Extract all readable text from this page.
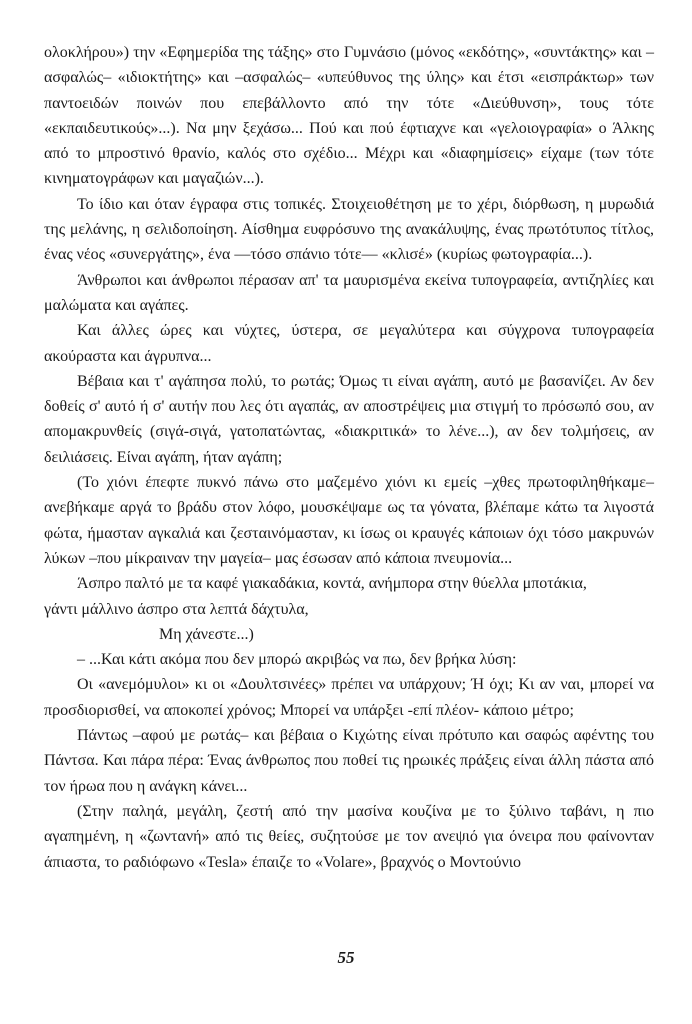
ολοκλήρου») την «Εφημερίδα της τάξης» στο Γυμνάσιο (μόνος «εκδότης», «συντάκτης» και –ασφαλώς– «ιδιοκτήτης» και –ασφαλώς– «υπεύθυνος της ύλης» και έτσι «εισπράκτωρ» των παντοειδών ποινών που επεβάλλοντο από την τότε «Διεύθυνση», τους τότε «εκπαιδευτικούς»...). Να μην ξεχάσω... Πού και πού έφτιαχνε και «γελοιογραφία» ο Άλκης από το μπροστινό θρανίο, καλός στο σχέδιο... Μέχρι και «διαφημίσεις» είχαμε (των τότε κινηματογράφων και μαγαζιών...).

Το ίδιο και όταν έγραφα στις τοπικές. Στοιχειοθέτηση με το χέρι, διόρθωση, η μυρωδιά της μελάνης, η σελιδοποίηση. Αίσθημα ευφρόσυνο της ανακάλυψης, ένας πρωτότυπος τίτλος, ένας νέος «συνεργάτης», ένα —τόσο σπάνιο τότε— «κλισέ» (κυρίως φωτογραφία...).

Άνθρωποι και άνθρωποι πέρασαν απ' τα μαυρισμένα εκείνα τυπογραφεία, αντιζηλίες και μαλώματα και αγάπες.

Και άλλες ώρες και νύχτες, ύστερα, σε μεγαλύτερα και σύγχρονα τυπογραφεία ακούραστα και άγρυπνα...

Βέβαια και τ' αγάπησα πολύ, το ρωτάς; Όμως τι είναι αγάπη, αυτό με βασανίζει. Αν δεν δοθείς σ' αυτό ή σ' αυτήν που λες ότι αγαπάς, αν αποστρέψεις μια στιγμή το πρόσωπό σου, αν απομακρυνθείς (σιγά-σιγά, γατοπατώντας, «διακριτικά» το λένε...), αν δεν τολμήσεις, αν δειλιάσεις. Είναι αγάπη, ήταν αγάπη;

(Το χιόνι έπεφτε πυκνό πάνω στο μαζεμένο χιόνι κι εμείς –χθες πρωτοφιληθήκαμε– ανεβήκαμε αργά το βράδυ στον λόφο, μουσκέψαμε ως τα γόνατα, βλέπαμε κάτω τα λιγοστά φώτα, ήμασταν αγκαλιά και ζεσταινόμασταν, κι ίσως οι κραυγές κάποιων όχι τόσο μακρυνών λύκων –που μίκραιναν την μαγεία– μας έσωσαν από κάποια πνευμονία...

Άσπρο παλτό με τα καφέ γιακαδάκια, κοντά, ανήμπορα στην θύελλα μποτάκια,
γάντι μάλλινο άσπρο στα λεπτά δάχτυλα,

Μη χάνεστε...)

– ...Και κάτι ακόμα που δεν μπορώ ακριβώς να πω, δεν βρήκα λύση:

Οι «ανεμόμυλοι» κι οι «Δουλτσινέες» πρέπει να υπάρχουν; Ή όχι; Κι αν ναι, μπορεί να προσδιορισθεί, να αποκοπεί χρόνος; Μπορεί να υπάρξει -επί πλέον- κάποιο μέτρο;

Πάντως –αφού με ρωτάς– και βέβαια ο Κιχώτης είναι πρότυπο και σαφώς αφέντης του Πάντσα. Και πάρα πέρα: Ένας άνθρωπος που ποθεί τις ηρωικές πράξεις είναι άλλη πάστα από τον ήρωα που η ανάγκη κάνει...

(Στην παληά, μεγάλη, ζεστή από την μασίνα κουζίνα με το ξύλινο ταβάνι, η πιο αγαπημένη, η «ζωντανή» από τις θείες, συζητούσε με τον ανεψιό για όνειρα που φαίνονταν άπιαστα, το ραδιόφωνο «Tesla» έπαιζε το «Volare», βραχνός ο Μοντούνιο

55
